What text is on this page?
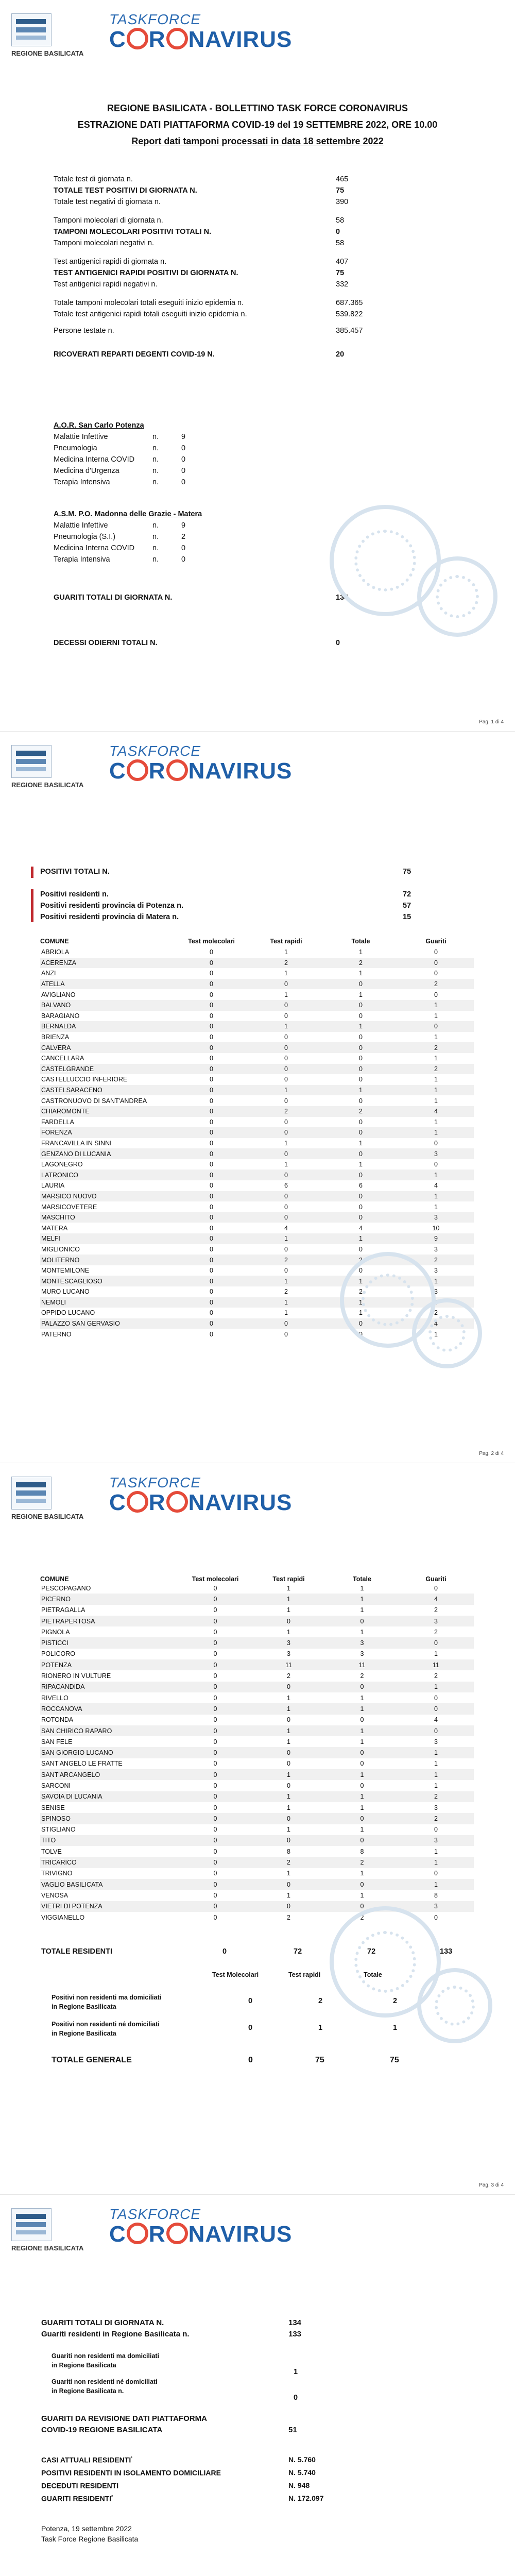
REGIONE BASILICATA
TASKFORCE
C R NAVIRUS
REGIONE BASILICATA - BOLLETTINO TASK FORCE CORONAVIRUS
ESTRAZIONE DATI PIATTAFORMA COVID-19 del 19 SETTEMBRE 2022, ORE 10.00
Report dati tamponi processati in data 18 settembre 2022
Totale test di giornata n.	465
TOTALE TEST POSITIVI DI GIORNATA N.	75
Totale test negativi di giornata n.	390
Tamponi molecolari di giornata n.	58
TAMPONI MOLECOLARI POSITIVI TOTALI N.	0
Tamponi molecolari negativi n.	58
Test antigenici rapidi di giornata n.	407
TEST ANTIGENICI RAPIDI POSITIVI DI GIORNATA N.	75
Test antigenici rapidi negativi n.	332
Totale tamponi molecolari totali eseguiti inizio epidemia n.	687.365
Totale test antigenici rapidi totali eseguiti inizio epidemia n.	539.822
Persone testate n.	385.457
RICOVERATI REPARTI DEGENTI COVID-19 N.	20
A.O.R. San Carlo Potenza
Malattie Infettive	n.	9
Pneumologia	n.	0
Medicina Interna COVID n.	0
Medicina d'Urgenza	n.	0
Terapia Intensiva	n.	0
A.S.M. P.O. Madonna delle Grazie - Matera
Malattie Infettive	n.	9
Pneumologia (S.I.)	n.	2
Medicina Interna COVID n.	0
Terapia Intensiva	n.	0
GUARITI TOTALI DI GIORNATA N.	134
DECESSI ODIERNI TOTALI N.	0
Pag. 1 di 4
REGIONE BASILICATA
TASKFORCE
C R NAVIRUS
POSITIVI TOTALI N.	75
Positivi residenti n.	72
Positivi residenti provincia di Potenza n.	57
Positivi residenti provincia di Matera n.	15
COMUNE	Test molecolari	Test rapidi	Totale	Guariti
ABRIOLA	0	1	1	0
ACERENZA	0	2	2	0
ANZI	0	1	1	0
ATELLA	0	0	0	2
AVIGLIANO	0	1	1	0
BALVANO	0	0	0	1
BARAGIANO	0	0	0	1
BERNALDA	0	1	1	0
BRIENZA	0	0	0	1
CALVERA	0	0	0	2
CANCELLARA	0	0	0	1
CASTELGRANDE	0	0	0	2
CASTELLUCCIO INFERIORE	0	0	0	1
CASTELSARACENO	0	1	1	1
CASTRONUOVO DI SANT'ANDREA	0	0	0	1
CHIAROMONTE	0	2	2	4
FARDELLA	0	0	0	1
FORENZA	0	0	0	1
FRANCAVILLA IN SINNI	0	1	1	0
GENZANO DI LUCANIA	0	0	0	3
LAGONEGRO	0	1	1	0
LATRONICO	0	0	0	1
LAURIA	0	6	6	4
MARSICO NUOVO	0	0	0	1
MARSICOVETERE	0	0	0	1
MASCHITO	0	0	0	3
MATERA	0	4	4	10
MELFI	0	1	1	9
MIGLIONICO	0	0	0	3
MOLITERNO	0	2	2	2
MONTEMILONE	0	0	0	3
MONTESCAGLIOSO	0	1	1	1
MURO LUCANO	0	2	2	3
NEMOLI	0	1	1	0
OPPIDO LUCANO	0	1	1	2
PALAZZO SAN GERVASIO	0	0	0	4
PATERNO	0	0	0	1
Pag. 2 di 4
REGIONE BASILICATA
TASKFORCE
C R NAVIRUS
COMUNE	Test molecolari	Test rapidi	Totale	Guariti
PESCOPAGANO	0	1	1	0
PICERNO	0	1	1	4
PIETRAGALLA	0	1	1	2
PIETRAPERTOSA	0	0	0	3
PIGNOLA	0	1	1	2
PISTICCI	0	3	3	0
POLICORO	0	3	3	1
POTENZA	0	11	11	11
RIONERO IN VULTURE	0	2	2	2
RIPACANDIDA	0	0	0	1
RIVELLO	0	1	1	0
ROCCANOVA	0	1	1	0
ROTONDA	0	0	0	4
SAN CHIRICO RAPARO	0	1	1	0
SAN FELE	0	1	1	3
SAN GIORGIO LUCANO	0	0	0	1
SANT'ANGELO LE FRATTE	0	0	0	1
SANT'ARCANGELO	0	1	1	1
SARCONI	0	0	0	1
SAVOIA DI LUCANIA	0	1	1	2
SENISE	0	1	1	3
SPINOSO	0	0	0	2
STIGLIANO	0	1	1	0
TITO	0	0	0	3
TOLVE	0	8	8	1
TRICARICO	0	2	2	1
TRIVIGNO	0	1	1	0
VAGLIO BASILICATA	0	0	0	1
VENOSA	0	1	1	8
VIETRI DI POTENZA	0	0	0	3
VIGGIANELLO	0	2	2	0
TOTALE RESIDENTI	0	72	72	133
Test Molecolari	Test rapidi	Totale
Positivi non residenti ma domiciliati
in Regione Basilicata
0	2	2
Positivi non residenti né domiciliati
in Regione Basilicata
0	1	1
TOTALE GENERALE	0	75	75
Pag. 3 di 4
REGIONE BASILICATA
TASKFORCE
C R NAVIRUS
GUARITI TOTALI DI GIORNATA N.	134
Guariti residenti in Regione Basilicata n.	133
Guariti non residenti ma domiciliati
in Regione Basilicata
1
Guariti non residenti né domiciliati
in Regione Basilicata n.
0
GUARITI DA REVISIONE DATI PIATTAFORMA
COVID-19 REGIONE BASILICATA	51
CASI ATTUALI $RESIDENTI^{^1}$	N. 5.760
POSITIVI RESIDENTI IN ISOLAMENTO DOMICILIARE	N. 5.740
DECEDUTI RESIDENTI	N. 948
GUARITI $RESIDENTI^{^2}$	N. 172.097
Potenza, 19 settembre 2022
Task Force Regione Basilicata
